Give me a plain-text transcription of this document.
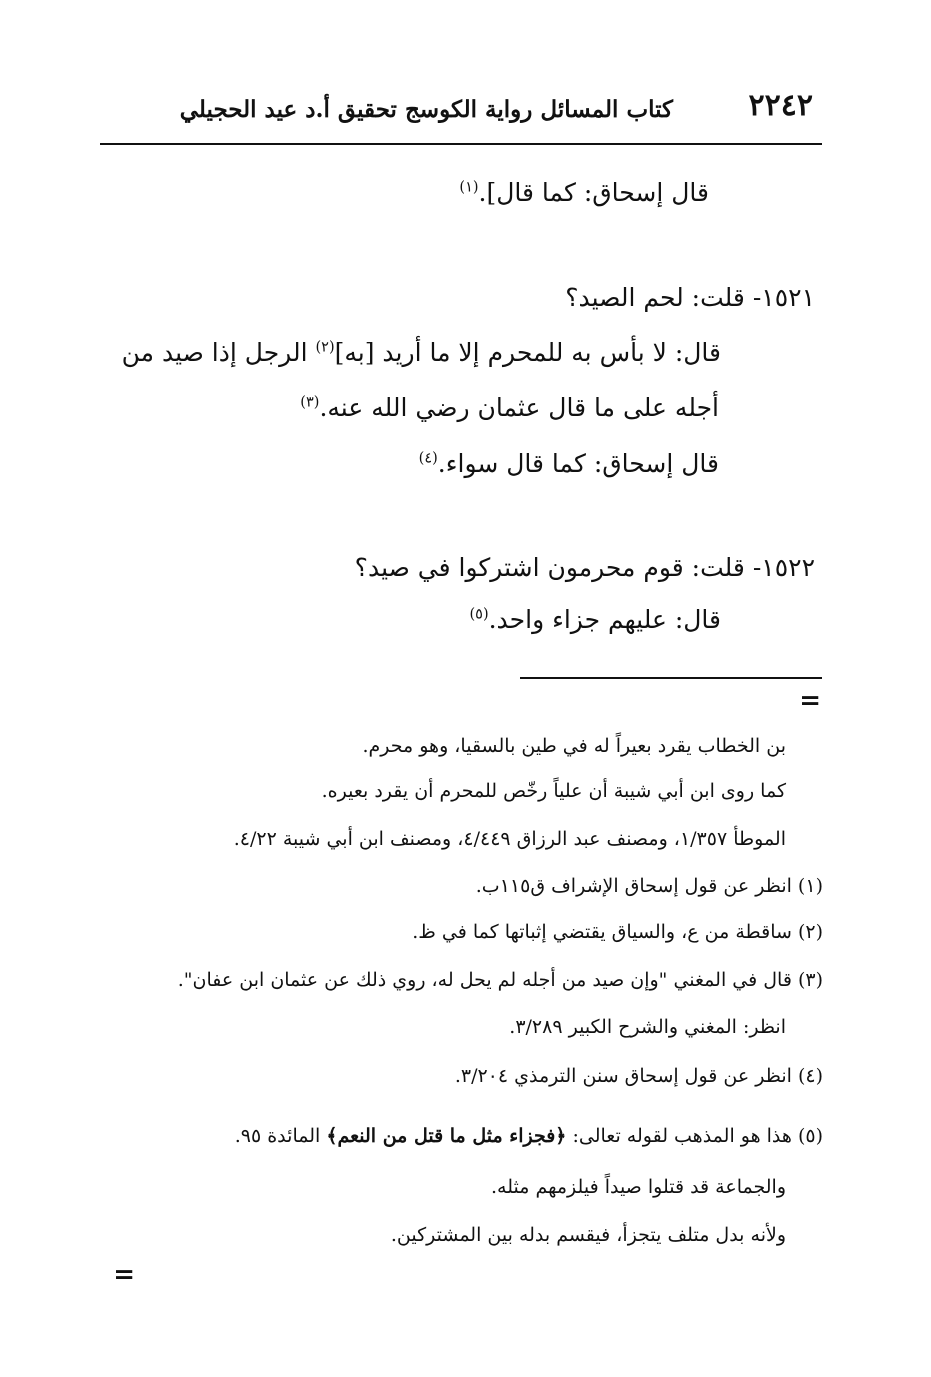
٢٢٤٢
كتاب المسائل رواية الكوسج تحقيق أ.د عيد الحجيلي
قال إسحاق: كما قال].$^{(١)}$
١٥٢١- قلت: لحم الصيد؟
قال: لا بأس به للمحرم إلا ما أريد [به]$^{(٢)}$ الرجل إذا صيد من
أجله على ما قال عثمان رضي الله عنه.$^{(٣)}$
قال إسحاق: كما قال سواء.$^{(٤)}$
١٥٢٢- قلت: قوم محرمون اشتركوا في صيد؟
قال: عليهم جزاء واحد.$^{(٥)}$
=
بن الخطاب يقرد بعيراً له في طين بالسقيا، وهو محرم.
كما روى ابن أبي شيبة أن علياً رخّص للمحرم أن يقرد بعيره.
الموطأ ١/٣٥٧، ومصنف عبد الرزاق ٤/٤٤٩، ومصنف ابن أبي شيبة ٤/٢٢.
(١) انظر عن قول إسحاق الإشراف ق١١٥ب.
(٢) ساقطة من ع، والسياق يقتضي إثباتها كما في ظ.
(٣) قال في المغني "وإن صيد من أجله لم يحل له، روي ذلك عن عثمان ابن عفان".
انظر: المغني والشرح الكبير ٣/٢٨٩.
(٤) انظر عن قول إسحاق سنن الترمذي ٣/٢٠٤.
(٥) هذا هو المذهب لقوله تعالى: ﴿فجزاء مثل ما قتل من النعم﴾ المائدة ٩٥.
والجماعة قد قتلوا صيداً فيلزمهم مثله.
ولأنه بدل متلف يتجزأ، فيقسم بدله بين المشتركين.
=
